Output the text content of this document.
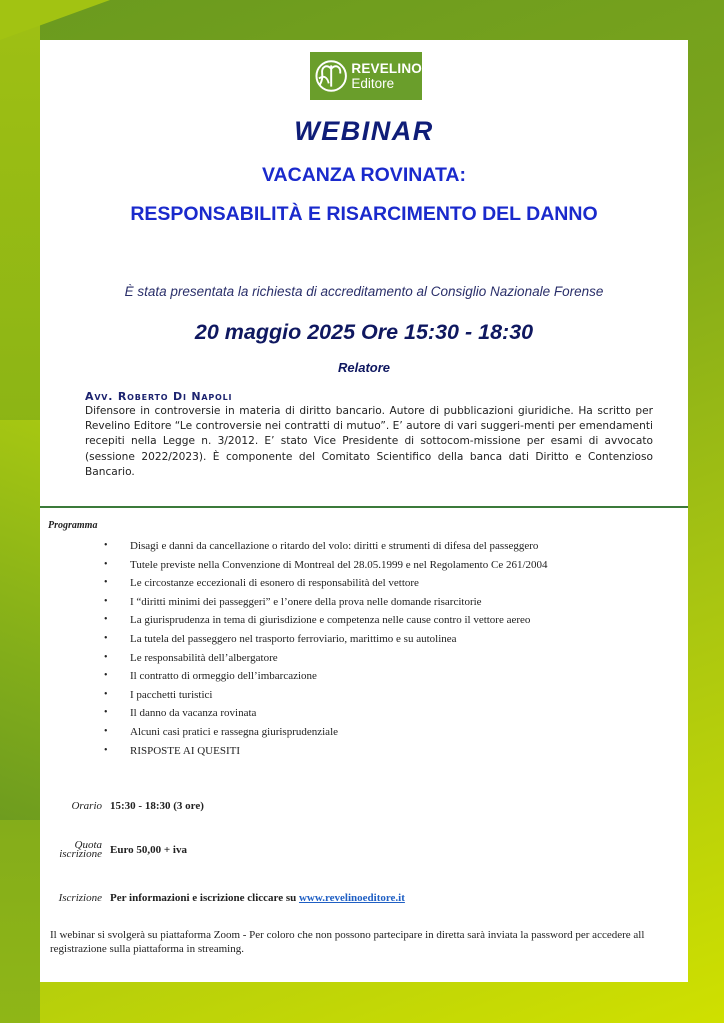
REVELINO
Editore
WEBINAR
VACANZA ROVINATA:
RESPONSABILITÀ E RISARCIMENTO DEL DANNO
È stata presentata la richiesta di accreditamento al Consiglio Nazionale Forense
20 maggio 2025 Ore 15:30 - 18:30
Relatore
Avv. Roberto Di Napoli
Difensore in controversie in materia di diritto bancario. Autore di pubblicazioni giuridiche. Ha scritto per Revelino Editore “Le controversie nei contratti di mutuo”. E’ autore di vari suggeri-menti per emendamenti recepiti nella Legge n. 3/2012. E’ stato Vice Presidente di sottocom-missione per esami di avvocato (sessione 2022/2023). È componente del Comitato Scientifico della banca dati Diritto e Contenzioso Bancario.
Programma
•	Disagi e danni da cancellazione o ritardo del volo: diritti e strumenti di difesa del passeggero
•	Tutele previste nella Convenzione di Montreal del 28.05.1999 e nel Regolamento Ce 261/2004
•	Le circostanze eccezionali di esonero di responsabilità del vettore
•	I “diritti minimi dei passeggeri” e l’onere della prova nelle domande risarcitorie
•	La giurisprudenza in tema di giurisdizione e competenza nelle cause contro il vettore aereo
•	La tutela del passeggero nel trasporto ferroviario, marittimo e su autolinea
•	Le responsabilità dell’albergatore
•	Il contratto di ormeggio dell’imbarcazione
•	I pacchetti turistici
•	Il danno da vacanza rovinata
•	Alcuni casi pratici e rassegna giurisprudenziale
•	RISPOSTE AI QUESITI
Orario 15:30 - 18:30 (3 ore)
Quota
iscrizione Euro 50,00 + iva
Iscrizione Per informazioni e iscrizione cliccare su www.revelinoeditore.it
Il webinar si svolgerà su piattaforma Zoom - Per coloro che non possono partecipare in diretta sarà inviata la password per accedere all registrazione sulla piattaforma in streaming.
